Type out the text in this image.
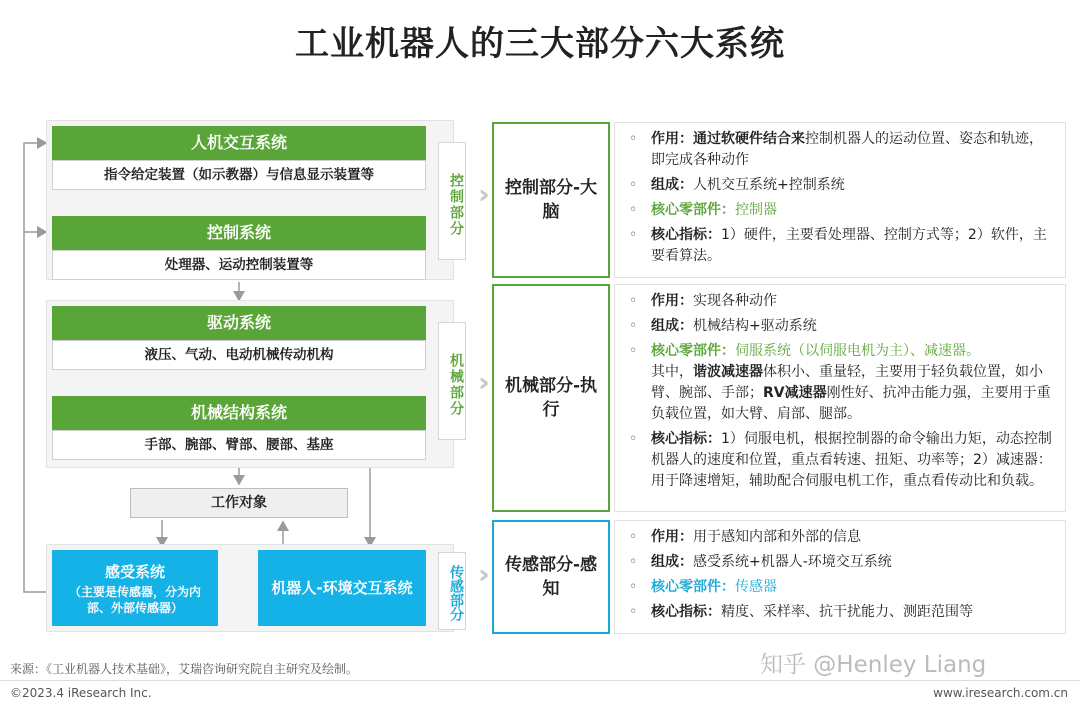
工业机器人的三大部分六大系统
人机交互系统
指令给定装置（如示教器）与信息显示装置等
控制系统
处理器、运动控制装置等
控制部分 ››
驱动系统
液压、气动、电动机械传动机构
机械结构系统
手部、腕部、臂部、腰部、基座
机械部分 ››
工作对象
感受系统
（主要是传感器，分为内部、外部传感器）
机器人-环境交互系统	传感部分 ››
控制部分-大脑
机械部分-执行
传感部分-感知
◦ 作用：通过软硬件结合来控制机器人的运动位置、姿态和轨迹，即完成各种动作
◦ 组成：人机交互系统+控制系统
◦ 核心零部件：控制器
◦ 核心指标：1）硬件，主要看处理器、控制方式等；2）软件，主要看算法。
◦ 作用：实现各种动作
◦ 组成：机械结构+驱动系统
◦ 核心零部件：伺服系统（以伺服电机为主）、减速器。
其中，谐波减速器体积小、重量轻，主要用于轻负载位置，如小臂、腕部、手部；RV减速器刚性好、抗冲击能力强，主要用于重负载位置，如大臂、肩部、腿部。
◦ 核心指标：1）伺服电机，根据控制器的命令输出力矩，动态控制机器人的速度和位置，重点看转速、扭矩、功率等；2）减速器：用于降速增矩，辅助配合伺服电机工作，重点看传动比和负载。
◦ 作用：用于感知内部和外部的信息
◦ 组成：感受系统+机器人-环境交互系统
◦ 核心零部件：传感器
◦ 核心指标：精度、采样率、抗干扰能力、测距范围等
来源：《工业机器人技术基础》，艾瑞咨询研究院自主研究及绘制。	知乎 @Henley Liang
©2023.4 iResearch Inc.	www.iresearch.com.cn
